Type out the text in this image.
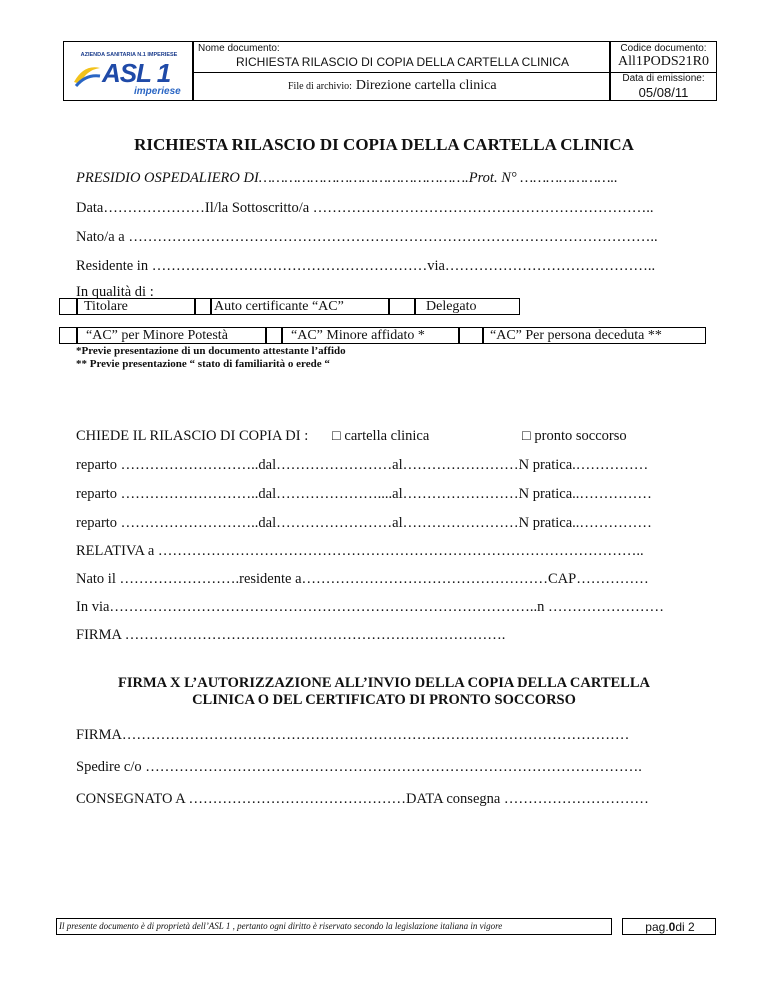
AZIENDA SANITARIA N.1 IMPERIESE
ASL 1
imperiese
Nome documento:
RICHIESTA RILASCIO DI COPIA DELLA CARTELLA CLINICA
File di archivio: Direzione cartella clinica
Codice documento:
All1PODS21R0
Data di emissione:
05/08/11
RICHIESTA RILASCIO DI COPIA DELLA CARTELLA CLINICA
PRESIDIO OSPEDALIERO DI………………………………………….Prot. N° …………………..
Data…………………Il/la Sottoscritto/a ……………………………………………………………..
Nato/a a ………………………………………………………………………………………………..
Residente in …………………………………………………via……………………………………..
In qualità di :
Titolare	Auto certificante “AC”	Delegato
“AC” per Minore Potestà	“AC” Minore affidato *	“AC” Per persona deceduta **
*Previe presentazione di un documento attestante l’affido
** Previe presentazione “ stato di familiarità o erede “
CHIEDE IL RILASCIO DI COPIA DI : □ cartella clinica	□ pronto soccorso
reparto ………………………..dal……………………al……………………N pratica.……………
reparto ………………………..dal…………………....al……………………N pratica..……………
reparto ………………………..dal……………………al……………………N pratica..……………
RELATIVA a ………………………………………………………………………………………..
Nato il …………………….residente a……………………………………………CAP……………
In via……………………………………………………………………………..n ……………………
FIRMA …………………………………………………………………….
FIRMA X L’AUTORIZZAZIONE ALL’INVIO DELLA COPIA DELLA CARTELLA
CLINICA O DEL CERTIFICATO DI PRONTO SOCCORSO
FIRMA……………………………………………………………………………………………
Spedire c/o ………………………………………………………………………………………….
CONSEGNATO A ………………………………………DATA consegna …………………………
Il presente documento è di proprietà dell’ASL 1 , pertanto ogni diritto è riservato secondo la legislazione italiana in vigore	pag.0di 2
